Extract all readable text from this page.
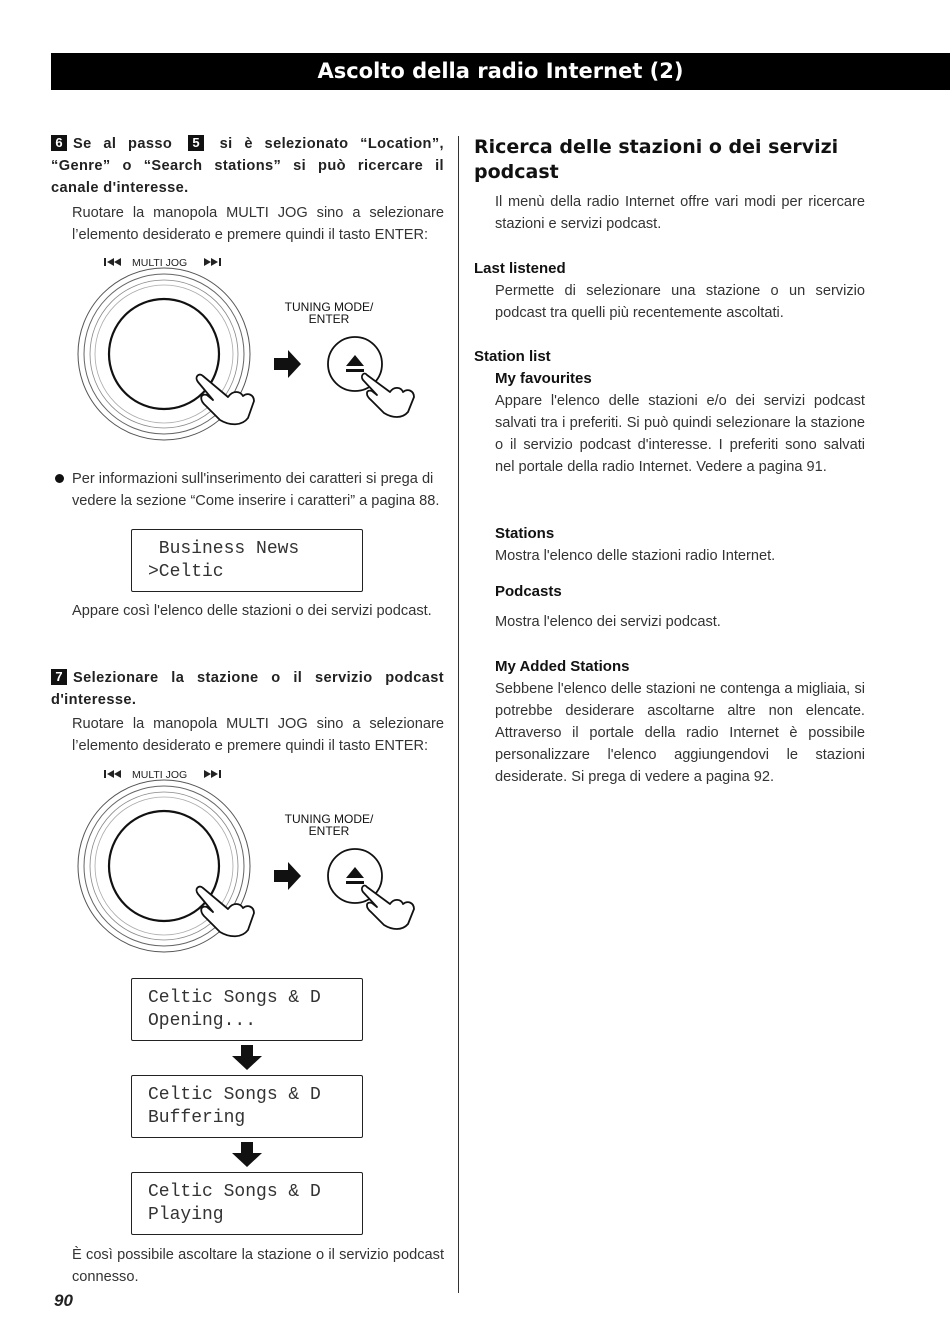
Ascolto della radio Internet (2)
6 Se al passo 5 si è selezionato “Location”, “Genre” o “Search stations” si può ricercare il canale d'interesse.
Ruotare la manopola MULTI JOG sino a selezionare l’elemento desiderato e premere quindi il tasto ENTER:
MULTI JOG
TUNING MODE/
ENTER
Per informazioni sull'inserimento dei caratteri si prega di vedere la sezione “Come inserire i caratteri” a pagina 88.
Business News
>Celtic
Appare così l'elenco delle stazioni o dei servizi podcast.
7 Selezionare la stazione o il servizio podcast d'interesse.
Ruotare la manopola MULTI JOG sino a selezionare l’elemento desiderato e premere quindi il tasto ENTER:
MULTI JOG
TUNING MODE/
ENTER
Celtic Songs & D
Opening...
Celtic Songs & D
Buffering
Celtic Songs & D
Playing
È così possibile ascoltare la stazione o il servizio podcast connesso.
90
Ricerca delle stazioni o dei servizi podcast
Il menù della radio Internet offre vari modi per ricercare stazioni e servizi podcast.
Last listened
Permette di selezionare una stazione o un servizio podcast tra quelli più recentemente ascoltati.
Station list
My favourites
Appare l'elenco delle stazioni e/o dei servizi podcast salvati tra i preferiti. Si può quindi selezionare la stazione o il servizio podcast d'interesse. I preferiti sono salvati nel portale della radio Internet. Vedere a pagina 91.
Stations
Mostra l'elenco delle stazioni radio Internet.
Podcasts
Mostra l'elenco dei servizi podcast.
My Added Stations
Sebbene l'elenco delle stazioni ne contenga a migliaia, si potrebbe desiderare ascoltarne altre non elencate. Attraverso il portale della radio Internet è possibile personalizzare l'elenco aggiungendovi le stazioni desiderate. Si prega di vedere a pagina 92.
